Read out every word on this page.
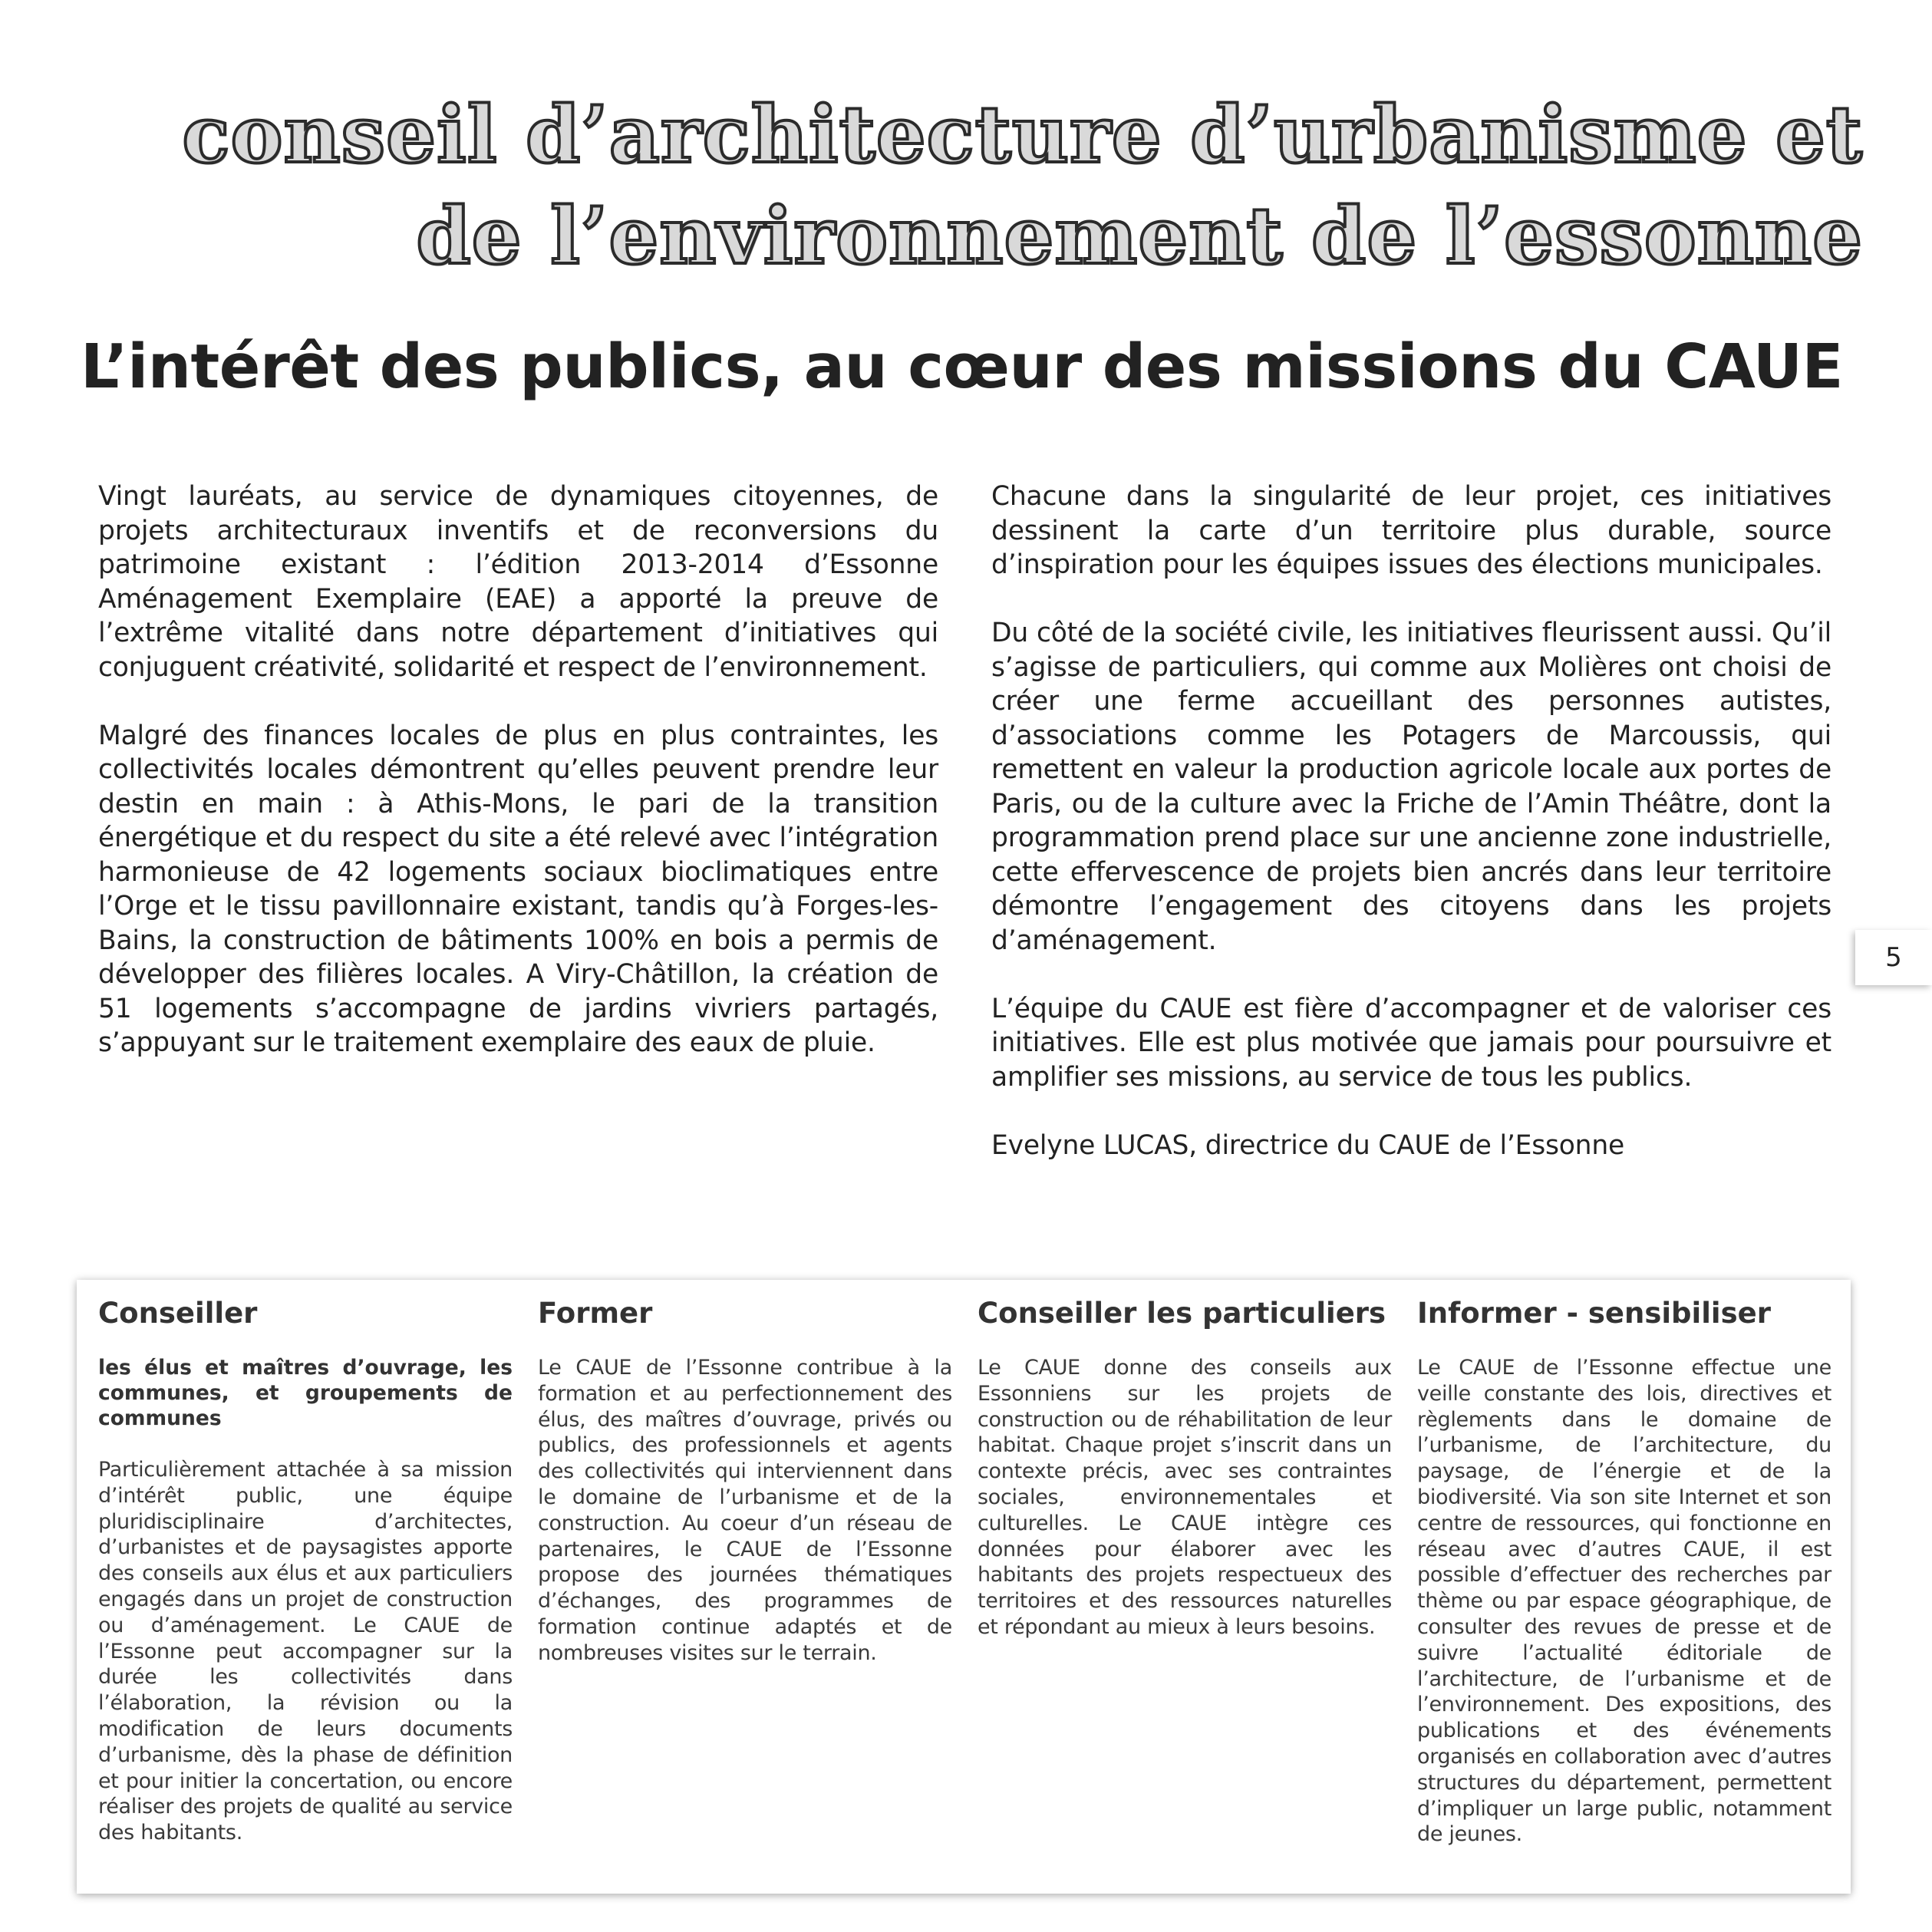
conseil d’architecture d’urbanisme et
de l’environnement de l’essonne
L’intérêt des publics, au cœur des missions du CAUE

Vingt lauréats, au service de dynamiques citoyennes, de projets architecturaux inventifs et de reconversions du patrimoine existant : l’édition 2013-2014 d’Essonne Aménagement Exemplaire (EAE) a apporté la preuve de l’extrême vitalité dans notre département d’initiatives qui conjuguent créativité, solidarité et respect de l’environnement.

Malgré des finances locales de plus en plus contraintes, les collectivités locales démontrent qu’elles peuvent prendre leur destin en main : à Athis-Mons, le pari de la transition énergétique et du respect du site a été relevé avec l’intégration harmonieuse de 42 logements sociaux bioclimatiques entre l’Orge et le tissu pavillonnaire existant, tandis qu’à Forges-les-Bains, la construction de bâtiments 100% en bois a permis de développer des filières locales. A Viry-Châtillon, la création de 51 logements s’accompagne de jardins vivriers partagés, s’appuyant sur le traitement exemplaire des eaux de pluie.

Chacune dans la singularité de leur projet, ces initiatives dessinent la carte d’un territoire plus durable, source d’inspiration pour les équipes issues des élections municipales.

Du côté de la société civile, les initiatives fleurissent aussi. Qu’il s’agisse de particuliers, qui comme aux Molières ont choisi de créer une ferme accueillant des personnes autistes, d’associations comme les Potagers de Marcoussis, qui remettent en valeur la production agricole locale aux portes de Paris, ou de la culture avec la Friche de l’Amin Théâtre, dont la programmation prend place sur une ancienne zone industrielle, cette effervescence de projets bien ancrés dans leur territoire démontre l’engagement des citoyens dans les projets d’aménagement.

L’équipe du CAUE est fière d’accompagner et de valoriser ces initiatives. Elle est plus motivée que jamais pour poursuivre et amplifier ses missions, au service de tous les publics.

Evelyne LUCAS, directrice du CAUE de l’Essonne

5
Conseiller

les élus et maîtres d’ouvrage, les communes, et groupements de communes

Particulièrement attachée à sa mission d’intérêt public, une équipe pluridisciplinaire d’architectes, d’urbanistes et de paysagistes apporte des conseils aux élus et aux particuliers engagés dans un projet de construction ou d’aménagement. Le CAUE de l’Essonne peut accompagner sur la durée les collectivités dans l’élaboration, la révision ou la modification de leurs documents d’urbanisme, dès la phase de définition et pour initier la concertation, ou encore réaliser des projets de qualité au service des habitants.

Former

Le CAUE de l’Essonne contribue à la formation et au perfectionnement des élus, des maîtres d’ouvrage, privés ou publics, des professionnels et agents des collectivités qui interviennent dans le domaine de l’urbanisme et de la construction. Au coeur d’un réseau de partenaires, le CAUE de l’Essonne propose des journées thématiques d’échanges, des programmes de formation continue adaptés et de nombreuses visites sur le terrain.

Conseiller les particuliers

Le CAUE donne des conseils aux Essonniens sur les projets de construction ou de réhabilitation de leur habitat. Chaque projet s’inscrit dans un contexte précis, avec ses contraintes sociales, environnementales et culturelles. Le CAUE intègre ces données pour élaborer avec les habitants des projets respectueux des territoires et des ressources naturelles et répondant au mieux à leurs besoins.

Informer - sensibiliser

Le CAUE de l’Essonne effectue une veille constante des lois, directives et règlements dans le domaine de l’urbanisme, de l’architecture, du paysage, de l’énergie et de la biodiversité. Via son site Internet et son centre de ressources, qui fonctionne en réseau avec d’autres CAUE, il est possible d’effectuer des recherches par thème ou par espace géographique, de consulter des revues de presse et de suivre l’actualité éditoriale de l’architecture, de l’urbanisme et de l’environnement. Des expositions, des publications et des événements organisés en collaboration avec d’autres structures du département, permettent d’impliquer un large public, notamment de jeunes.
